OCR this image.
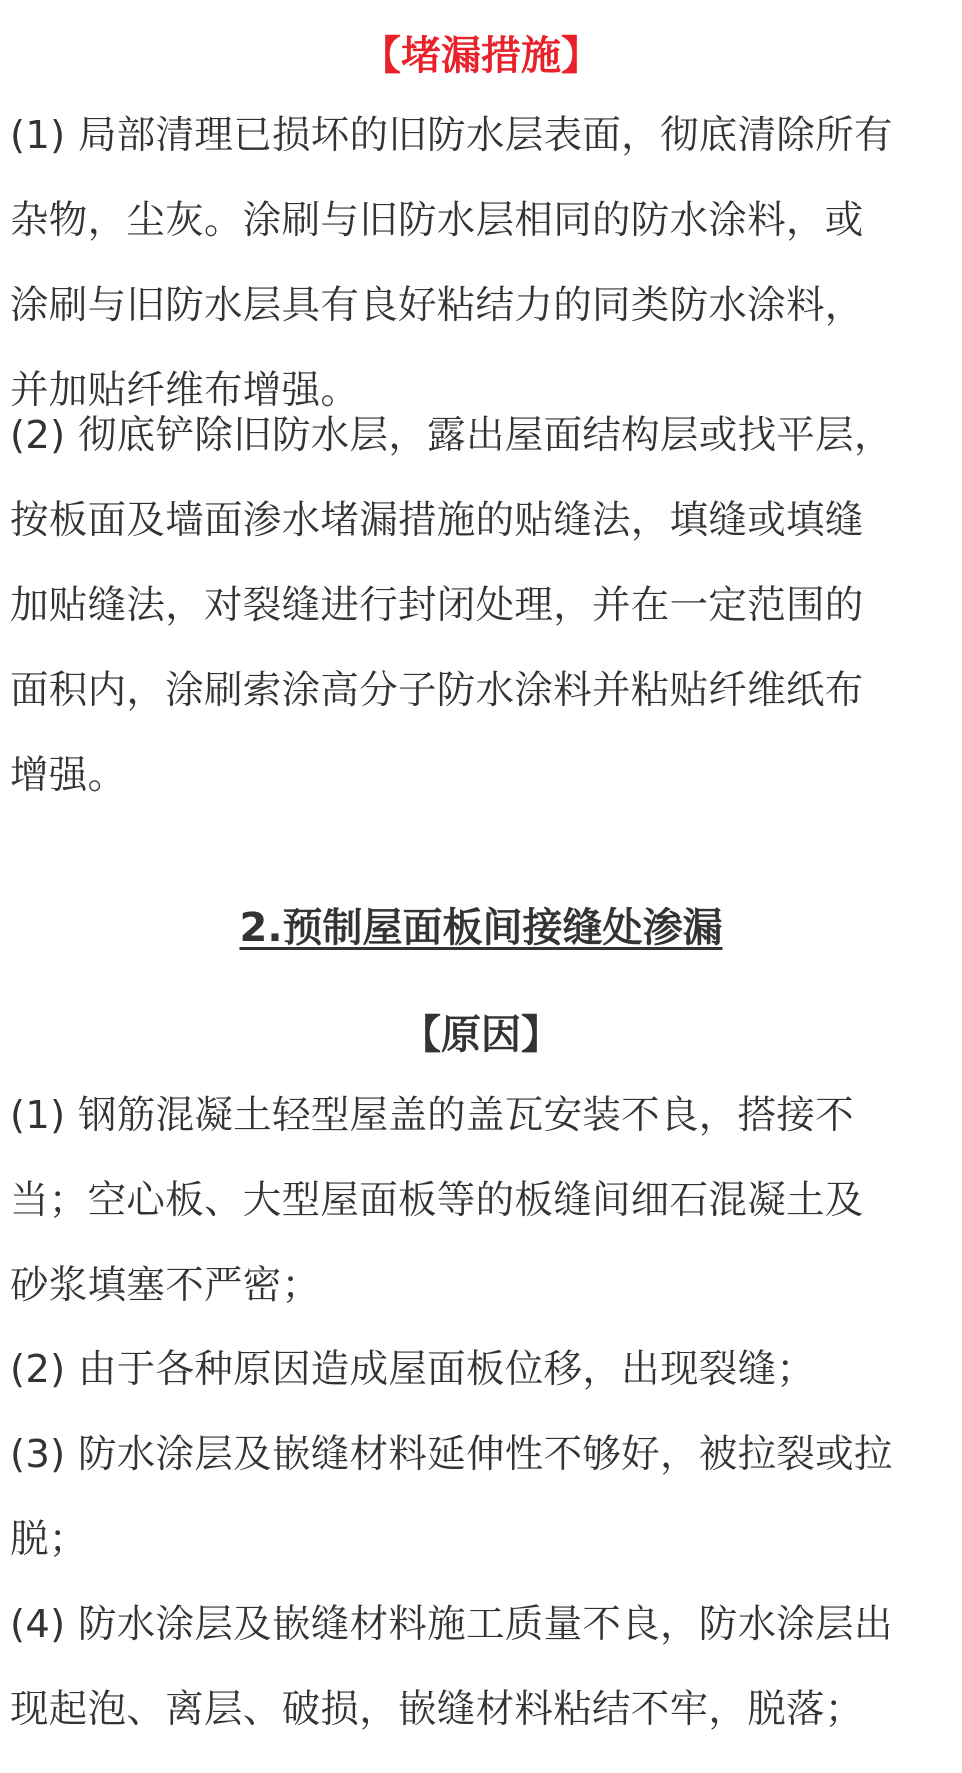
【堵漏措施】

(1) 局部清理已损坏的旧防水层表面，彻底清除所有
杂物，尘灰。涂刷与旧防水层相同的防水涂料，或
涂刷与旧防水层具有良好粘结力的同类防水涂料，
并加贴纤维布增强。

(2) 彻底铲除旧防水层，露出屋面结构层或找平层，
按板面及墙面渗水堵漏措施的贴缝法，填缝或填缝
加贴缝法，对裂缝进行封闭处理，并在一定范围的
面积内，涂刷索涂高分子防水涂料并粘贴纤维纸布
增强。

2.预制屋面板间接缝处渗漏
【原因】

(1) 钢筋混凝土轻型屋盖的盖瓦安装不良，搭接不
当；空心板、大型屋面板等的板缝间细石混凝土及
砂浆填塞不严密；

(2) 由于各种原因造成屋面板位移，出现裂缝；

(3) 防水涂层及嵌缝材料延伸性不够好，被拉裂或拉
脱；

(4) 防水涂层及嵌缝材料施工质量不良，防水涂层出
现起泡、离层、破损，嵌缝材料粘结不牢，脱落；
